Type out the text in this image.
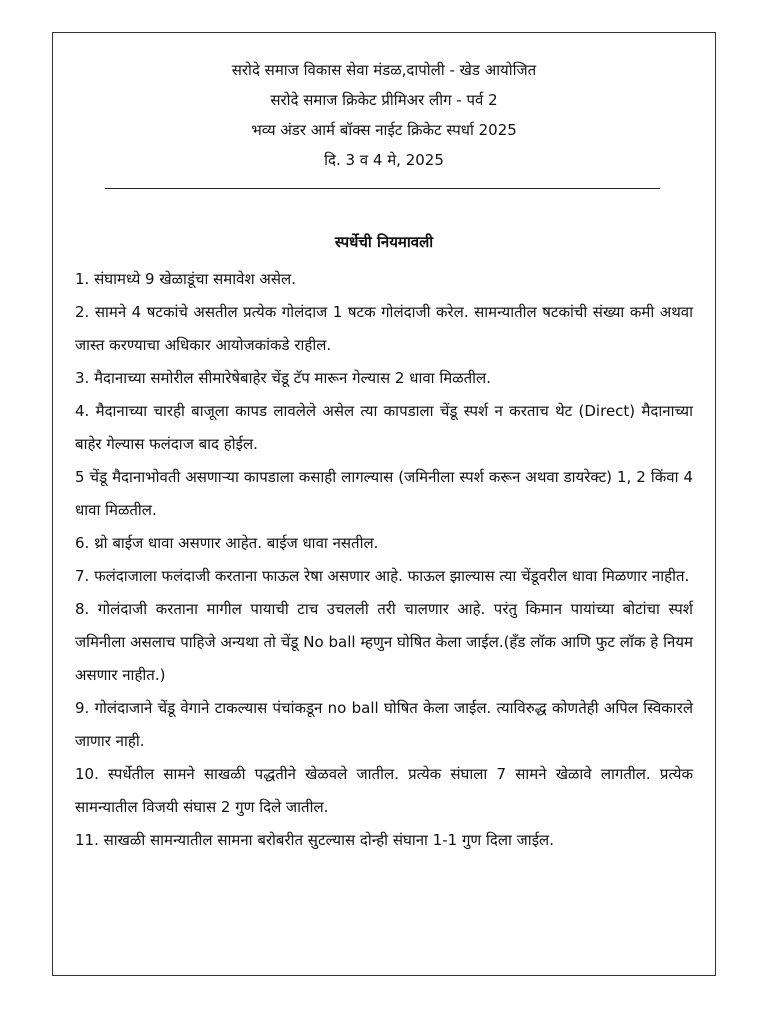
सरोदे समाज विकास सेवा मंडळ,दापोली - खेड आयोजित
सरोदे समाज क्रिकेट प्रीमिअर लीग - पर्व 2
भव्य अंडर आर्म बॉक्स नाईट क्रिकेट स्पर्धा 2025
दि. 3 व 4 मे, 2025
स्पर्धेची नियमावली
1. संघामध्ये 9 खेळाडूंचा समावेश असेल.
2. सामने 4 षटकांचे असतील प्रत्येक गोलंदाज 1 षटक गोलंदाजी करेल. सामन्यातील षटकांची संख्या कमी अथवा जास्त करण्याचा अधिकार आयोजकांकडे राहील.
3. मैदानाच्या समोरील सीमारेषेबाहेर चेंडू टॅप मारून गेल्यास 2 धावा मिळतील.
4. मैदानाच्या चारही बाजूला कापड लावलेले असेल त्या कापडाला चेंडू स्पर्श न करताच थेट (Direct) मैदानाच्या बाहेर गेल्यास फलंदाज बाद होईल.
5 चेंडू मैदानाभोवती असणाऱ्या कापडाला कसाही लागल्यास (जमिनीला स्पर्श करून अथवा डायरेक्ट) 1, 2 किंवा 4 धावा मिळतील.
6. थ्रो बाईज धावा असणार आहेत. बाईज धावा नसतील.
7. फलंदाजाला फलंदाजी करताना फाऊल रेषा असणार आहे. फाऊल झाल्यास त्या चेंडूवरील धावा मिळणार नाहीत.
8. गोलंदाजी करताना मागील पायाची टाच उचलली तरी चालणार आहे. परंतु किमान पायांच्या बोटांचा स्पर्श जमिनीला असलाच पाहिजे अन्यथा तो चेंडू No ball म्हणुन घोषित केला जाईल.(हॅंड लॉक आणि फुट लॉक हे नियम असणार नाहीत.)
9. गोलंदाजाने चेंडू वेगाने टाकल्यास पंचांकडून no ball घोषित केला जाईल. त्याविरुद्ध कोणतेही अपिल स्विकारले जाणार नाही.
10. स्पर्धेतील सामने साखळी पद्धतीने खेळवले जातील. प्रत्येक संघाला 7 सामने खेळावे लागतील. प्रत्येक सामन्यातील विजयी संघास 2 गुण दिले जातील.
11. साखळी सामन्यातील सामना बरोबरीत सुटल्यास दोन्ही संघाना 1-1 गुण दिला जाईल.
